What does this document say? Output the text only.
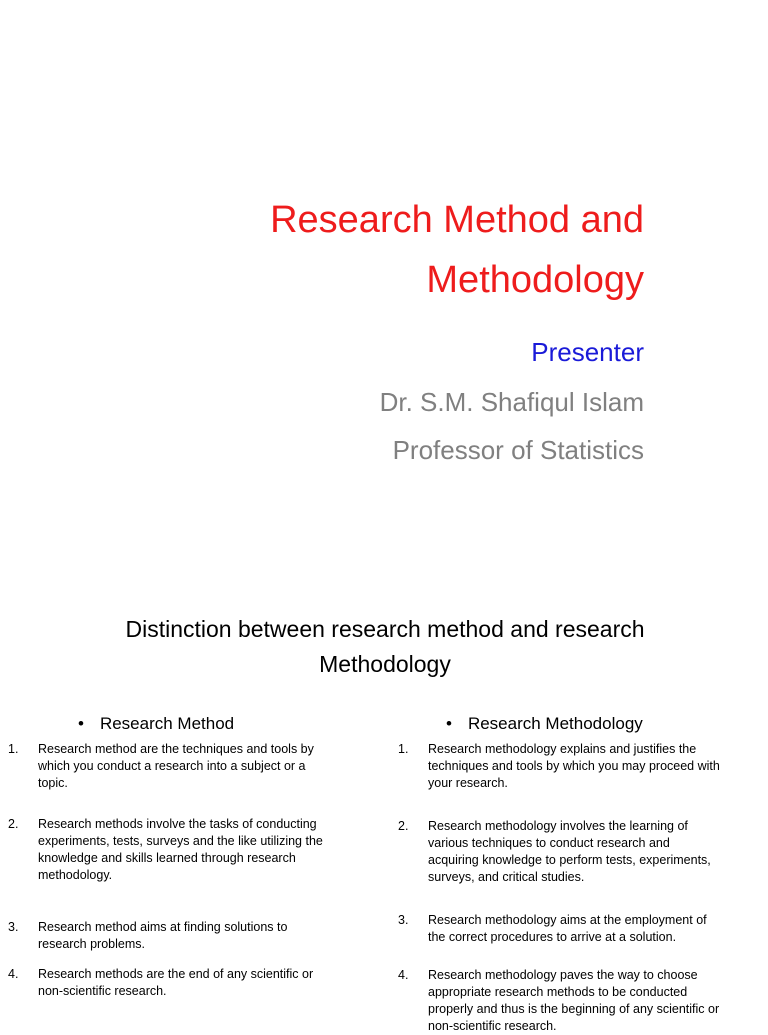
Research Method and
Methodology
Presenter
Dr. S.M. Shafiqul Islam
Professor of Statistics
Distinction between research method and research
Methodology
• Research Method	• Research Methodology
1.	Research method are the techniques and tools by which you conduct a research into a subject or a topic.
2.	Research methods involve the tasks of conducting experiments, tests, surveys and the like utilizing the knowledge and skills learned through research methodology.
3.	Research method aims at finding solutions to research problems.
4.	Research methods are the end of any scientific or non-scientific research.
1.	Research methodology explains and justifies the techniques and tools by which you may proceed with your research.
2.	Research methodology involves the learning of various techniques to conduct research and acquiring knowledge to perform tests, experiments, surveys, and critical studies.
3.	Research methodology aims at the employment of the correct procedures to arrive at a solution.
4.	Research methodology paves the way to choose appropriate research methods to be conducted properly and thus is the beginning of any scientific or non-scientific research.
